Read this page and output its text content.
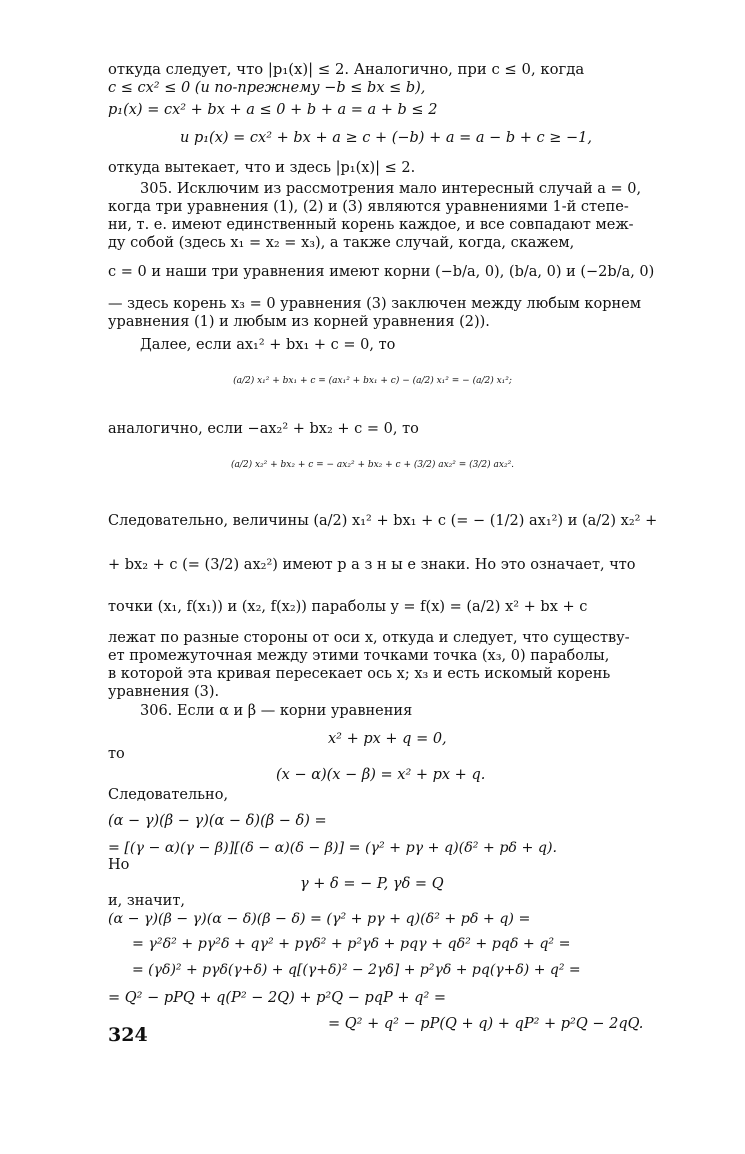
откуда следует, что |p₁(x)| ≤ 2. Аналогично, при c ≤ 0, когда

c ≤ cx² ≤ 0 (и по-прежнему −b ≤ bx ≤ b),

p₁(x) = cx² + bx + a ≤ 0 + b + a = a + b ≤ 2

и p₁(x) = cx² + bx + a ≥ c + (−b) + a = a − b + c ≥ −1,

откуда вытекает, что и здесь |p₁(x)| ≤ 2.

305. Исключим из рассмотрения мало интересный случай a = 0,

когда три уравнения (1), (2) и (3) являются уравнениями 1-й степе-

ни, т. е. имеют единственный корень каждое, и все совпадают меж-

ду собой (здесь x₁ = x₂ = x₃), а также случай, когда, скажем,

c = 0 и наши три уравнения имеют корни (−b/a, 0), (b/a, 0) и (−2b/a, 0)

— здесь корень x₃ = 0 уравнения (3) заключен между любым корнем

уравнения (1) и любым из корней уравнения (2)).

Далее, если ax₁² + bx₁ + c = 0, то

(a/2) x₁² + bx₁ + c = (ax₁² + bx₁ + c) − (a/2) x₁² = − (a/2) x₁²;

аналогично, если −ax₂² + bx₂ + c = 0, то

(a/2) x₂² + bx₂ + c = − ax₂² + bx₂ + c + (3/2) ax₂² = (3/2) ax₂².

Следовательно, величины (a/2) x₁² + bx₁ + c (= − (1/2) ax₁²) и (a/2) x₂² +

+ bx₂ + c (= (3/2) ax₂²) имеют р а з н ы е знаки. Но это означает, что

точки (x₁, f(x₁)) и (x₂, f(x₂)) параболы y = f(x) = (a/2) x² + bx + c

лежат по разные стороны от оси x, откуда и следует, что существу-

ет промежуточная между этими точками точка (x₃, 0) параболы,

в которой эта кривая пересекает ось x; x₃ и есть искомый корень

уравнения (3).

306. Если α и β — корни уравнения

x² + px + q = 0,

то

(x − α)(x − β) = x² + px + q.

Следовательно,

(α − γ)(β − γ)(α − δ)(β − δ) =

= [(γ − α)(γ − β)][(δ − α)(δ − β)] = (γ² + pγ + q)(δ² + pδ + q).

Но

γ + δ = − P, γδ = Q

и, значит,

(α − γ)(β − γ)(α − δ)(β − δ) = (γ² + pγ + q)(δ² + pδ + q) =

= γ²δ² + pγ²δ + qγ² + pγδ² + p²γδ + pqγ + qδ² + pqδ + q² =

= (γδ)² + pγδ(γ+δ) + q[(γ+δ)² − 2γδ] + p²γδ + pq(γ+δ) + q² =

= Q² − pPQ + q(P² − 2Q) + p²Q − pqP + q² =

= Q² + q² − pP(Q + q) + qP² + p²Q − 2qQ.

324
